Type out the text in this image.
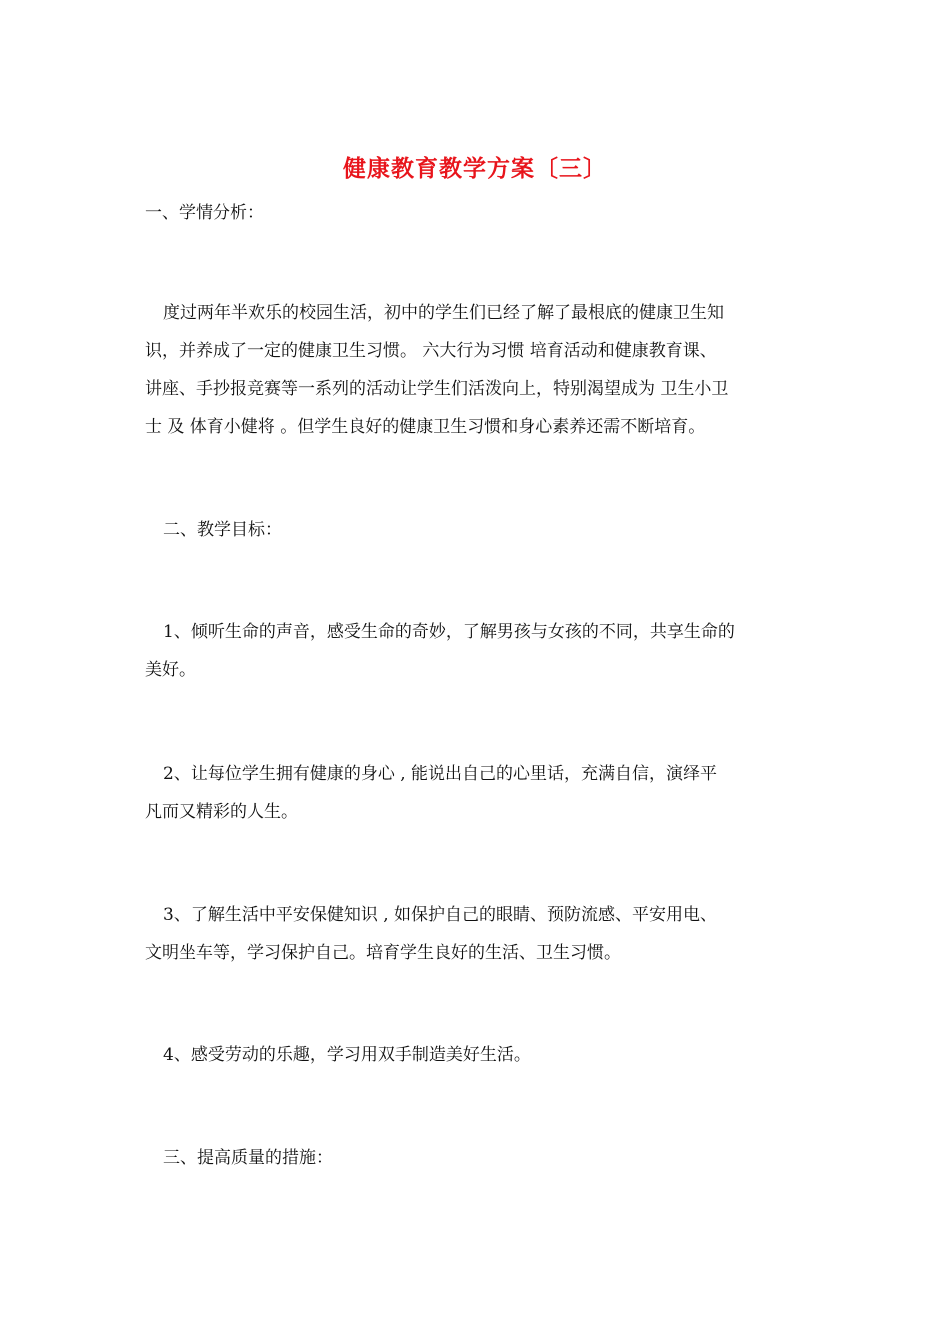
健康教育教学方案〔三〕
一、学情分析：
度过两年半欢乐的校园生活，初中的学生们已经了解了最根底的健康卫生知
识，并养成了一定的健康卫生习惯。 六大行为习惯 培育活动和健康教育课、
讲座、手抄报竞赛等一系列的活动让学生们活泼向上，特别渴望成为 卫生小卫
士 及 体育小健将 。但学生良好的健康卫生习惯和身心素养还需不断培育。
二、教学目标：
1、倾听生命的声音，感受生命的奇妙，了解男孩与女孩的不同，共享生命的
美好。
2、让每位学生拥有健康的身心 , 能说出自己的心里话，充满自信，演绎平
凡而又精彩的人生。
3、了解生活中平安保健知识 , 如保护自己的眼睛、预防流感、平安用电、
文明坐车等，学习保护自己。培育学生良好的生活、卫生习惯。
4、感受劳动的乐趣，学习用双手制造美好生活。
三、提高质量的措施：
